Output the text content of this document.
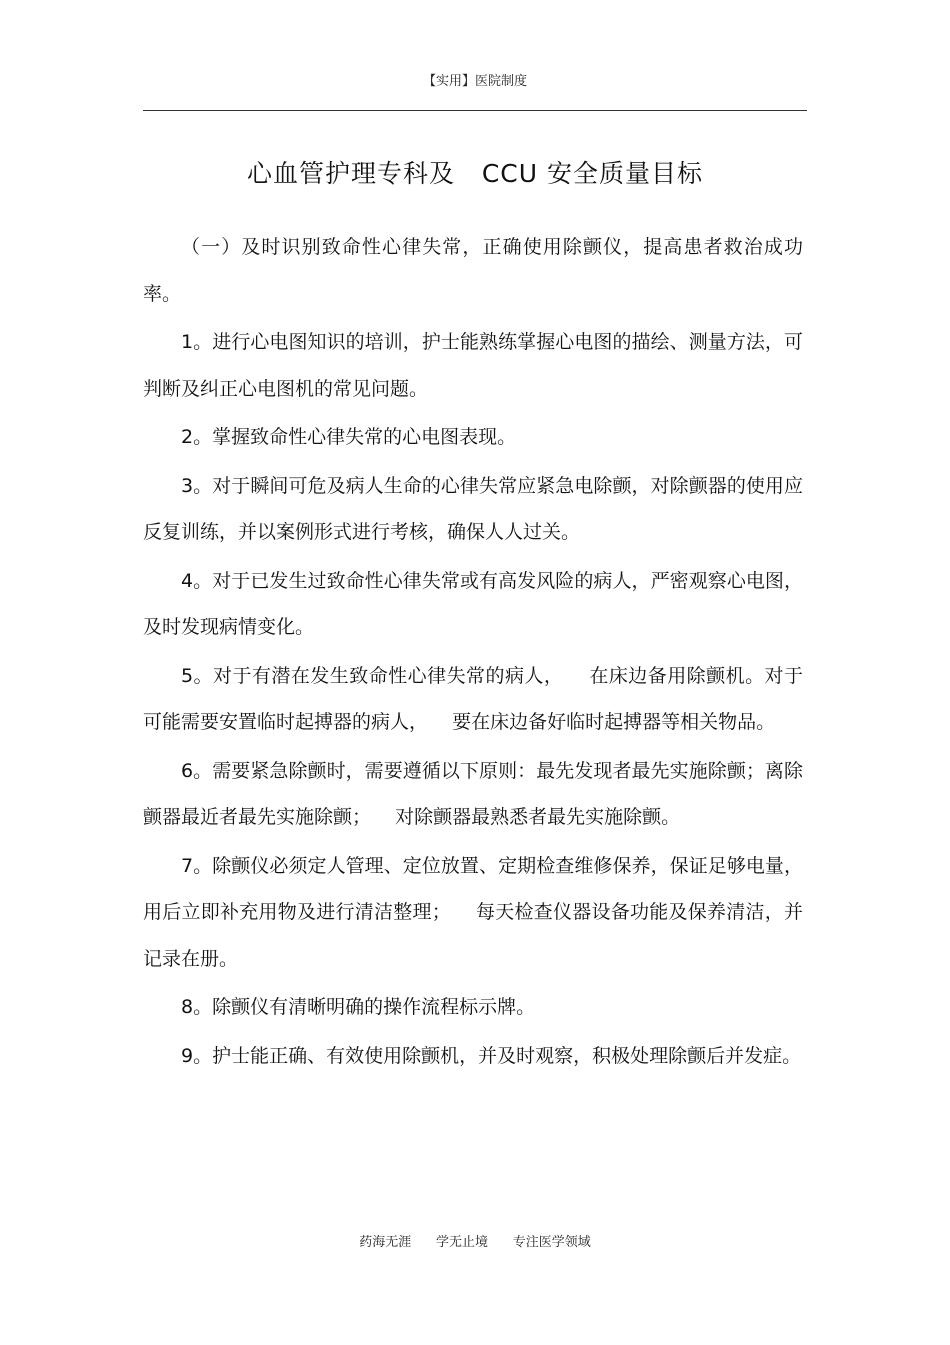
【实用】医院制度
心血管护理专科及   CCU 安全质量目标

（一）及时识别致命性心律失常，正确使用除颤仪，提高患者救治成功率。

1。进行心电图知识的培训，护士能熟练掌握心电图的描绘、测量方法，可判断及纠正心电图机的常见问题。

2。掌握致命性心律失常的心电图表现。

3。对于瞬间可危及病人生命的心律失常应紧急电除颤，对除颤器的使用应反复训练，并以案例形式进行考核，确保人人过关。

4。对于已发生过致命性心律失常或有高发风险的病人，严密观察心电图，及时发现病情变化。

5。对于有潜在发生致命性心律失常的病人，    在床边备用除颤机。对于可能需要安置临时起搏器的病人，    要在床边备好临时起搏器等相关物品。

6。需要紧急除颤时，需要遵循以下原则：最先发现者最先实施除颤；离除颤器最近者最先实施除颤；    对除颤器最熟悉者最先实施除颤。

7。除颤仪必须定人管理、定位放置、定期检查维修保养，保证足够电量，  用后立即补充用物及进行清洁整理；    每天检查仪器设备功能及保养清洁，并记录在册。

8。除颤仪有清晰明确的操作流程标示牌。

9。护士能正确、有效使用除颤机，并及时观察，积极处理除颤后并发症。

药海无涯      学无止境      专注医学领域
